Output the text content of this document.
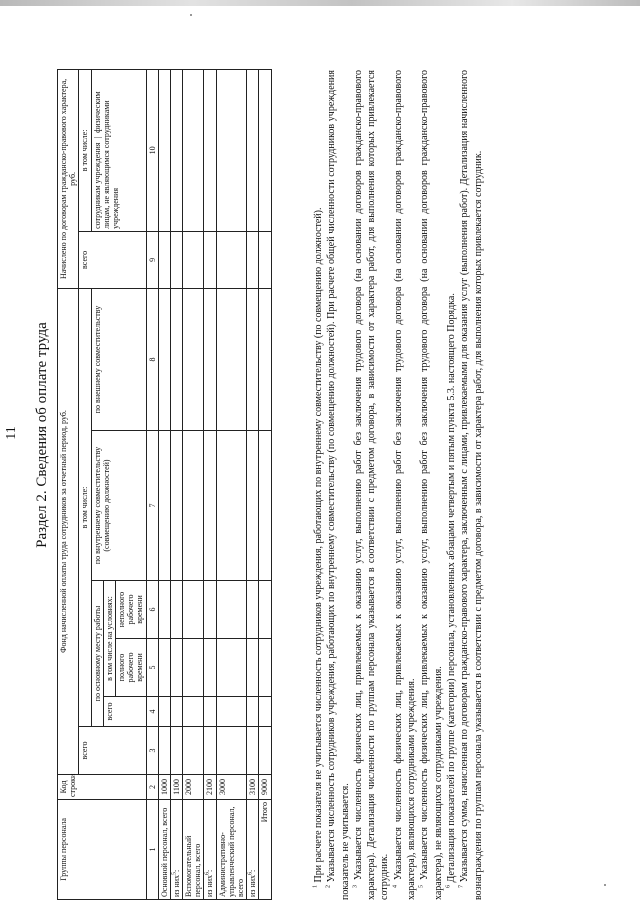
11 Раздел 2. Сведения об оплате труда
Группы персонала	Код строки	Фонд начисленной оплаты труда сотрудников за отчетный период, руб.						Начислено по договорам гражданско-правового характера, руб.	
		всего	в том числе:					всего	в том числе:
			по основному месту работы			по внутреннему совместительству (совмещению должностей)	по внешнему совместительству		сотрудникам учреждения  |  физическим лицам, не являющимся сотрудниками учреждения
			всего	в том числе на условиях:					
				полного рабочего времени	неполного рабочего времени				
1	2	3	4	5	6	7	8	9	10
Основной персонал, всего	1000								
из них$^5$:	1100								
Вспомогательный персонал, всего	2000								
из них$^6$:	2100								
Административно-управленческий персонал, всего	3000								
из них$^6$:	3100								
Итого	9000								

$^1$ При расчете показателя не учитывается численность сотрудников учреждения, работающих по внутреннему совместительству (по совмещению должностей).

$^2$ Указывается численность сотрудников учреждения, работающих по внутреннему совместительству (по совмещению должностей). При расчете общей численности сотрудников учреждения показатель не учитывается. $^3$ Указывается численность физических лиц, привлекаемых к оказанию услуг, выполнению работ без заключения трудового договора (на основании договоров гражданско-правового характера). Детализация численности по группам персонала указывается в соответствии с предметом договора, в зависимости от характера работ, для выполнения которых привлекается сотрудник. $^4$ Указывается численность физических лиц, привлекаемых к оказанию услуг, выполнению работ без заключения трудового договора (на основании договоров гражданско-правового характера), являющихся сотрудниками учреждения. $^5$ Указывается численность физических лиц, привлекаемых к оказанию услуг, выполнению работ без заключения трудового договора (на основании договоров гражданско-правового характера), не являющихся сотрудниками учреждения. $^6$ Детализация показателей по группе (категории) персонала, установленных абзацами четвертым и пятым пункта 5.3. настоящего Порядка.

$^7$ Указывается сумма, начисленная по договорам гражданско-правового характера, заключенным с лицами, привлекаемыми для оказания услуг (выполнения работ). Детализация начисленного вознаграждения по группам персонала указывается в соответствии с предметом договора, в зависимости от характера работ, для выполнения которых привлекается сотрудник.
